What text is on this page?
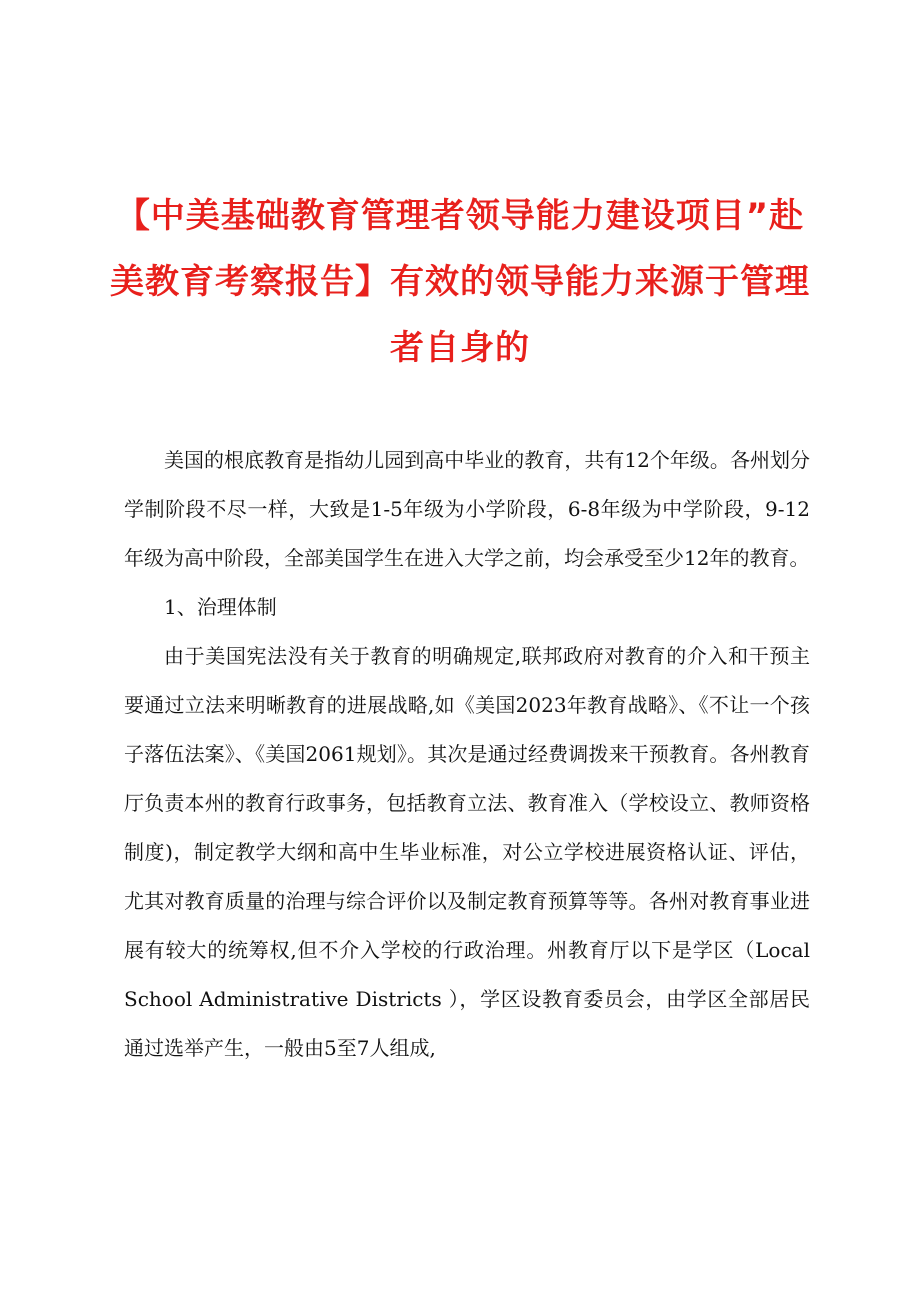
【中美基础教育管理者领导能力建设项目”赴美教育考察报告】有效的领导能力来源于管理者自身的

美国的根底教育是指幼儿园到高中毕业的教育，共有12个年级。各州划分学制阶段不尽一样，大致是1-5年级为小学阶段，6-8年级为中学阶段，9-12年级为高中阶段，全部美国学生在进入大学之前，均会承受至少12年的教育。

1、治理体制

由于美国宪法没有关于教育的明确规定,联邦政府对教育的介入和干预主要通过立法来明晰教育的进展战略,如《美国2023年教育战略》、《不让一个孩子落伍法案》、《美国2061规划》。其次是通过经费调拨来干预教育。各州教育厅负责本州的教育行政事务，包括教育立法、教育准入（学校设立、教师资格制度)，制定教学大纲和高中生毕业标准，对公立学校进展资格认证、评估，尤其对教育质量的治理与综合评价以及制定教育预算等等。各州对教育事业进展有较大的统筹权,但不介入学校的行政治理。州教育厅以下是学区（Local School Administrative Districts ），学区设教育委员会，由学区全部居民通过选举产生，一般由5至7人组成,
